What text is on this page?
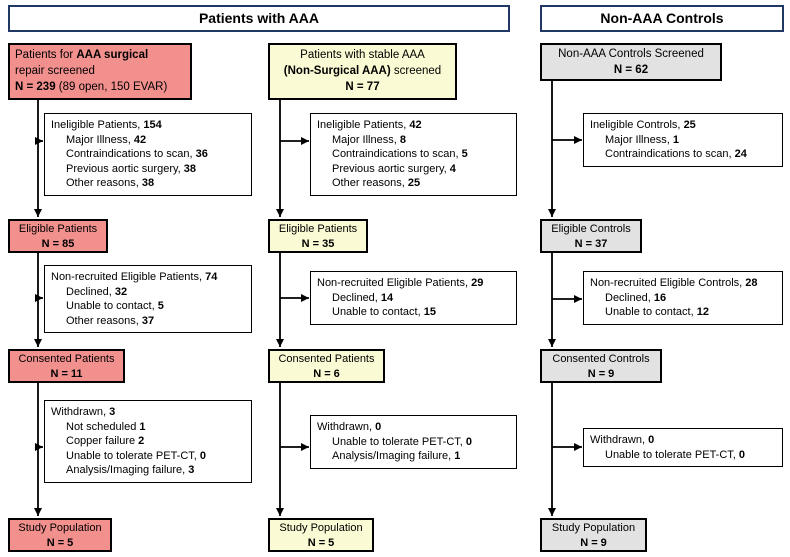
Patients with AAA	Non-AAA Controls
Patients for AAA surgical
repair screened
N = 239 (89 open, 150 EVAR)
Ineligible Patients, 154
Major Illness, 42
Contraindications to scan, 36
Previous aortic surgery, 38
Other reasons, 38
Eligible Patients
N = 85
Non-recruited Eligible Patients, 74
Declined, 32
Unable to contact, 5
Other reasons, 37
Consented Patients
N = 11
Withdrawn, 3
Not scheduled 1
Copper failure 2
Unable to tolerate PET-CT, 0
Analysis/Imaging failure, 3
Study Population
N = 5
Patients with stable AAA
(Non-Surgical AAA) screened
N = 77
Ineligible Patients, 42
Major Illness, 8
Contraindications to scan, 5
Previous aortic surgery, 4
Other reasons, 25
Eligible Patients
N = 35
Non-recruited Eligible Patients, 29
Declined, 14
Unable to contact, 15
Consented Patients
N = 6
Withdrawn, 0
Unable to tolerate PET-CT, 0
Analysis/Imaging failure, 1
Study Population
N = 5
Non-AAA Controls Screened
N = 62
Ineligible Controls, 25
Major Illness, 1
Contraindications to scan, 24
Eligible Controls
N = 37
Non-recruited Eligible Controls, 28
Declined, 16
Unable to contact, 12
Consented Controls
N = 9
Withdrawn, 0
Unable to tolerate PET-CT, 0
Study Population
N = 9
